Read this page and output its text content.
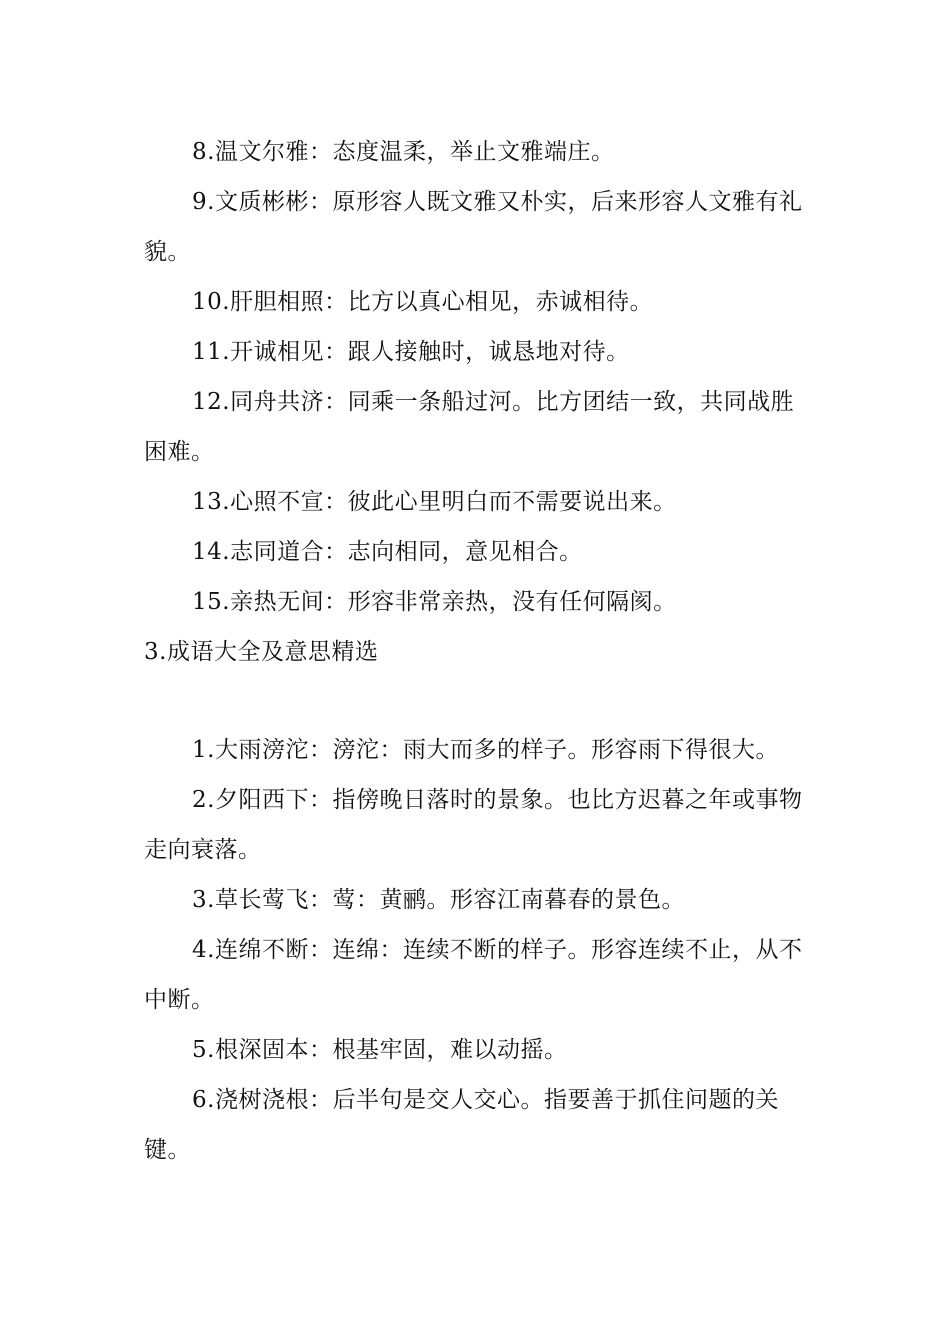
8.温文尔雅：态度温柔，举止文雅端庄。

9.文质彬彬：原形容人既文雅又朴实，后来形容人文雅有礼貌。

10.肝胆相照：比方以真心相见，赤诚相待。

11.开诚相见：跟人接触时，诚恳地对待。

12.同舟共济：同乘一条船过河。比方团结一致，共同战胜困难。

13.心照不宣：彼此心里明白而不需要说出来。

14.志同道合：志向相同，意见相合。

15.亲热无间：形容非常亲热，没有任何隔阂。

3.成语大全及意思精选

1.大雨滂沱：滂沱：雨大而多的样子。形容雨下得很大。

2.夕阳西下：指傍晚日落时的景象。也比方迟暮之年或事物走向衰落。

3.草长莺飞：莺：黄鹂。形容江南暮春的景色。

4.连绵不断：连绵：连续不断的样子。形容连续不止，从不中断。

5.根深固本：根基牢固，难以动摇。

6.浇树浇根：后半句是交人交心。指要善于抓住问题的关键。
